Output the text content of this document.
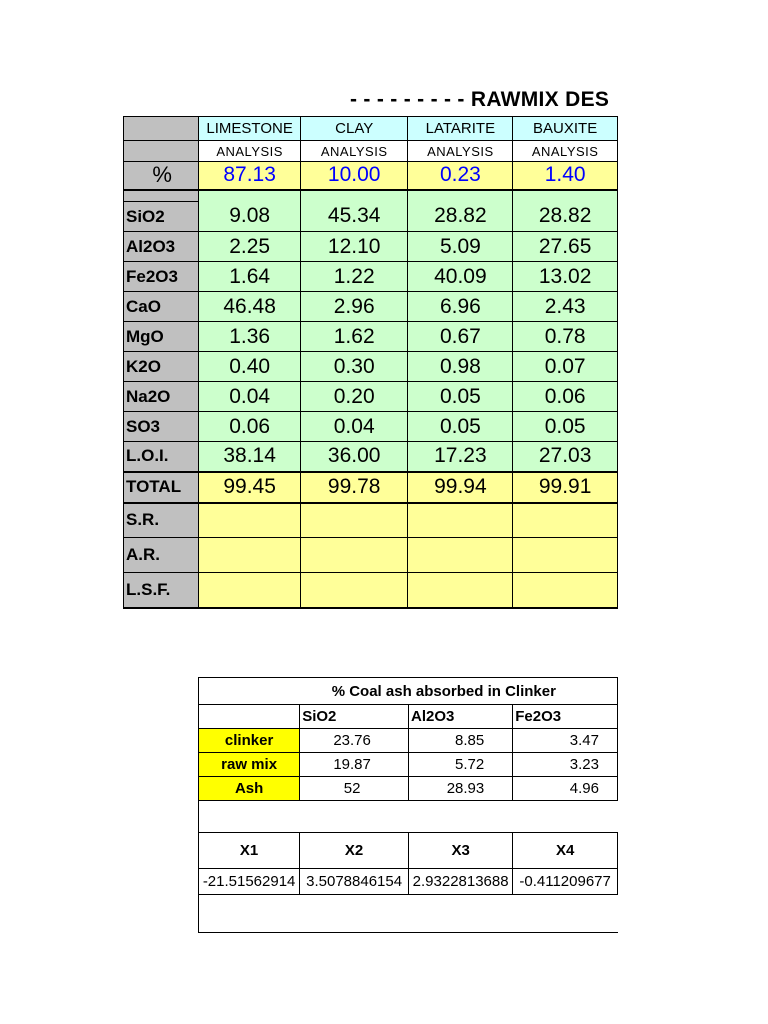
- - - - - - - - - RAWMIX DES
	LIMESTONE	CLAY	LATARITE	BAUXITE
	ANALYSIS	ANALYSIS	ANALYSIS	ANALYSIS
%	87.13	10.00	0.23	1.40

SiO2	9.08	45.34	28.82	28.82
Al2O3	2.25	12.10	5.09	27.65
Fe2O3	1.64	1.22	40.09	13.02
CaO	46.48	2.96	6.96	2.43
MgO	1.36	1.62	0.67	0.78
K2O	0.40	0.30	0.98	0.07
Na2O	0.04	0.20	0.05	0.06
SO3	0.06	0.04	0.05	0.05
L.O.I.	38.14	36.00	17.23	27.03
TOTAL	99.45	99.78	99.94	99.91
S.R.				
A.R.				
L.S.F.				
	% Coal ash absorbed in Clinker		
	SiO2	Al2O3	Fe2O3
clinker	23.76	8.85	3.47
raw mix	19.87	5.72	3.23
Ash	52	28.93	4.96

X1	X2	X3	X4
-21.51562914	3.5078846154	2.9322813688	-0.411209677
